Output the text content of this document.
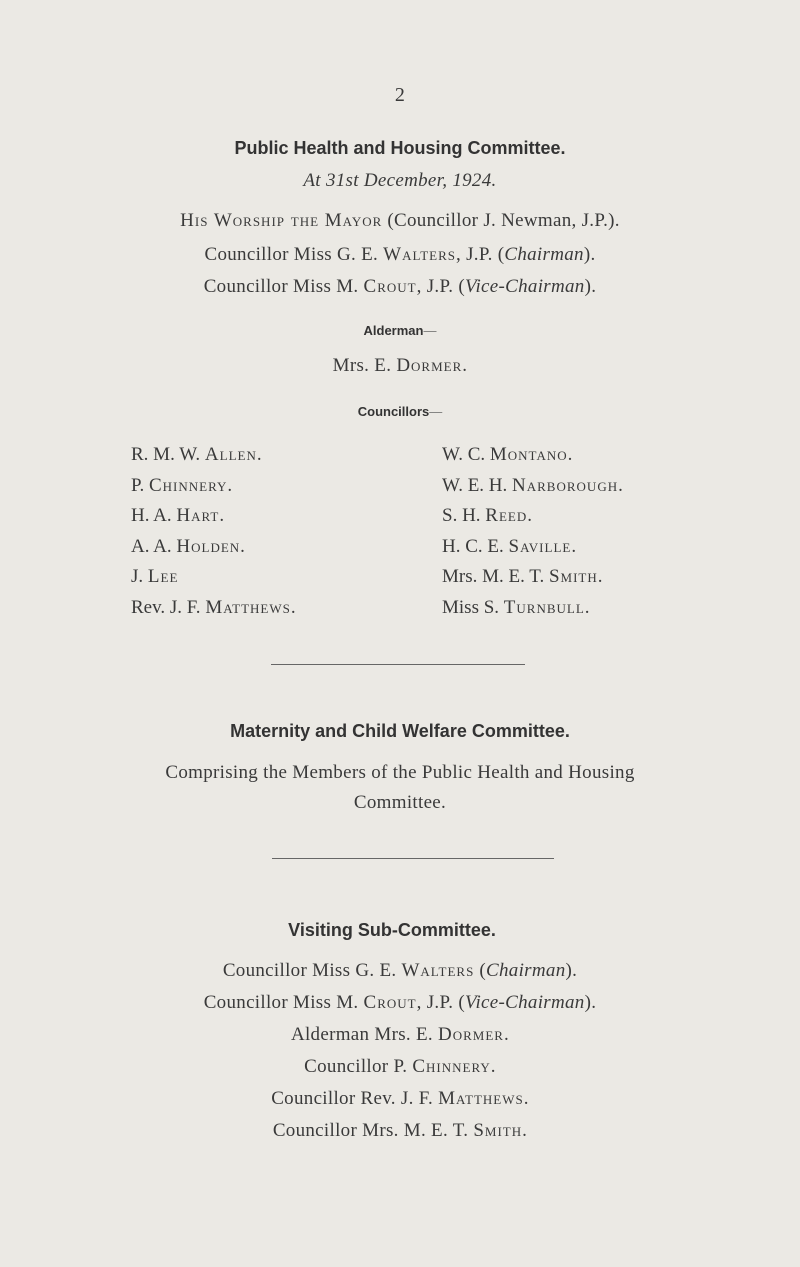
2
Public Health and Housing Committee.
At 31st December, 1924.
His Worship the Mayor (Councillor J. Newman, J.P.).
Councillor Miss G. E. Walters, J.P. (Chairman).
Councillor Miss M. Crout, J.P. (Vice-Chairman).
Alderman—
Mrs. E. Dormer.
Councillors—
R. M. W. Allen.
P. Chinnery.
H. A. Hart.
A. A. Holden.
J. Lee
Rev. J. F. Matthews.
W. C. Montano.
W. E. H. Narborough.
S. H. Reed.
H. C. E. Saville.
Mrs. M. E. T. Smith.
Miss S. Turnbull.
Maternity and Child Welfare Committee.
Comprising the Members of the Public Health and Housing
Committee.
Visiting Sub-Committee.
Councillor Miss G. E. Walters (Chairman).
Councillor Miss M. Crout, J.P. (Vice-Chairman).
Alderman Mrs. E. Dormer.
Councillor P. Chinnery.
Councillor Rev. J. F. Matthews.
Councillor Mrs. M. E. T. Smith.
